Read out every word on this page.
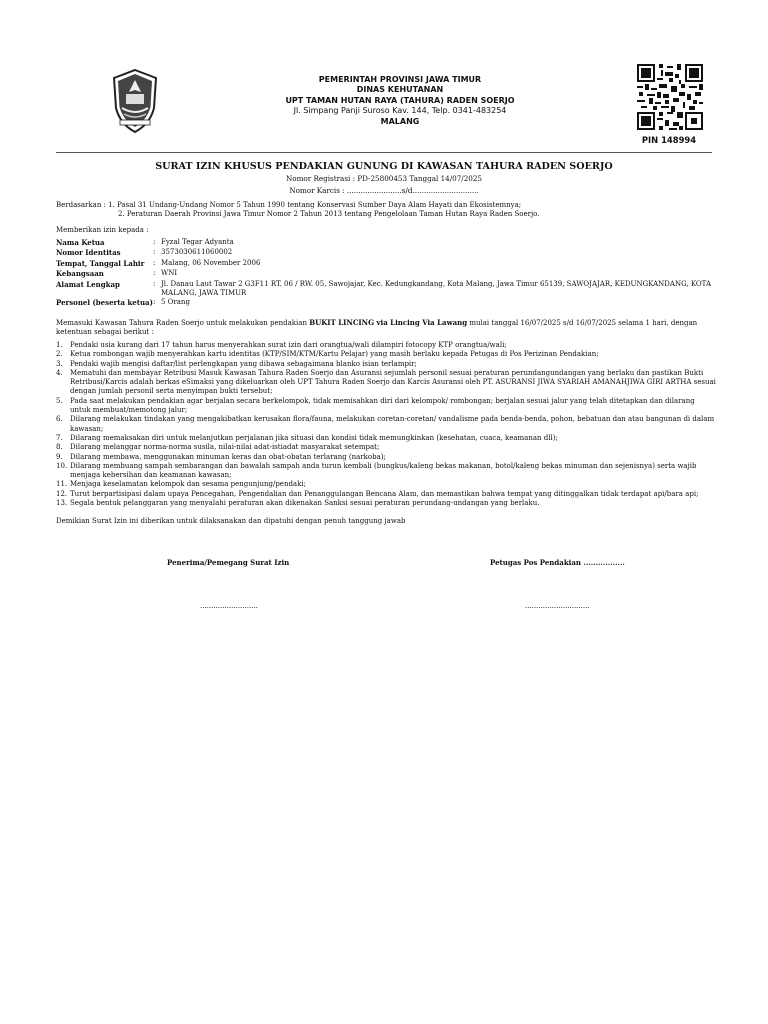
PEMERINTAH PROVINSI JAWA TIMUR
DINAS KEHUTANAN
UPT TAMAN HUTAN RAYA (TAHURA) RADEN SOERJO
Jl. Simpang Panji Suroso Kav. 144, Telp. 0341-483254
MALANG
PIN 148994
SURAT IZIN KHUSUS PENDAKIAN GUNUNG DI KAWASAN TAHURA RADEN SOERJO
Nomor Registrasi : PD-25800453 Tanggal 14/07/2025
Nomor Karcis : ........................s/d.............................
Berdasarkan : 1. Pasal 31 Undang-Undang Nomor 5 Tahun 1990 tentang Konservasi Sumber Daya Alam Hayati dan Ekosistemnya;
2. Peraturan Daerah Provinsi Jawa Timur Nomor 2 Tahun 2013 tentang Pengelolaan Taman Hutan Raya Raden Soerjo.
Memberikan izin kepada :
Nama Ketua	: Fyzal Tegar Adyanta
Nomor Identitas	: 3573030611060002
Tempat, Tanggal Lahir	: Malang, 06 November 2006
Kebangsaan	: WNI
Alamat Lengkap	: Jl. Danau Laut Tawar 2 G3F11 RT. 06 / RW. 05, Sawojajar, Kec. Kedungkandang, Kota Malang, Jawa Timur 65139, SAWOJAJAR, KEDUNGKANDANG, KOTA MALANG, JAWA TIMUR
Personel (beserta ketua) : 5 Orang
Memasuki Kawasan Tahura Raden Soerjo untuk melakukan pendakian BUKIT LINCING via Lincing Via Lawang mulai tanggal 16/07/2025 s/d 16/07/2025 selama 1 hari, dengan ketentuan sebagai berikut :
1.	Pendaki usia kurang dari 17 tahun harus menyerahkan surat izin dari orangtua/wali dilampiri fotocopy KTP orangtua/wali;
2.	Ketua rombongan wajib menyerahkan kartu identitas (KTP/SIM/KTM/Kartu Pelajar) yang masih berlaku kepada Petugas di Pos Perizinan Pendakian;
3.	Pendaki wajib mengisi daftar/list perlengkapan yang dibawa sebagaimana blanko isian terlampir;
4.	Mematuhi dan membayar Retribusi Masuk Kawasan Tahura Raden Soerjo dan Asuransi sejumlah personil sesuai peraturan perundangundangan yang berlaku dan pastikan Bukti Retribusi/Karcis adalah berkas eSimaksi yang dikeluarkan oleh UPT Tahura Raden Soerjo dan Karcis Asuransi oleh PT. ASURANSI JIWA SYARIAH AMANAHJIWA GIRI ARTHA sesuai dengan jumlah personil serta menyimpan bukti tersebut;
5.	Pada saat melakukan pendakian agar berjalan secara berkelompok, tidak memisahkan diri dari kelompok/ rombongan; berjalan sesuai jalur yang telah ditetapkan dan dilarang untuk membuat/memotong jalur;
6.	Dilarang melakukan tindakan yang mengakibatkan kerusakan flora/fauna, melakukan coretan-coretan/ vandalisme pada benda-benda, pohon, bebatuan dan atau bangunan di dalam kawasan;
7.	Dilarang memaksakan diri untuk melanjutkan perjalanan jika situasi dan kondisi tidak memungkinkan (kesehatan, cuaca, keamanan dll);
8.	Dilarang melanggar norma-norma susila, nilai-nilai adat-istiadat masyarakat setempat;
9.	Dilarang membawa, menggunakan minuman keras dan obat-obatan terlarang (narkoba);
10. Dilarang membuang sampah sembarangan dan bawalah sampah anda turun kembali (bungkus/kaleng bekas makanan, botol/kaleng bekas minuman dan sejenisnya) serta wajib menjaga kebersihan dan keamanan kawasan;
11. Menjaga keselamatan kelompok dan sesama pengunjung/pendaki;
12. Turut berpartisipasi dalam upaya Pencegahan, Pengendalian dan Penanggulangan Bencana Alam, dan memastikan bahwa tempat yang ditinggalkan tidak terdapat api/bara api;
13. Segala bentuk pelanggaran yang menyalahi peraturan akan dikenakan Sanksi sesuai peraturan perundang-undangan yang berlaku.
Demikian Surat Izin ini diberikan untuk dilaksanakan dan dipatuhi dengan penuh tanggung jawab
Penerima/Pemegang Surat Izin	Petugas Pos Pendakian .................
..........................	.............................
